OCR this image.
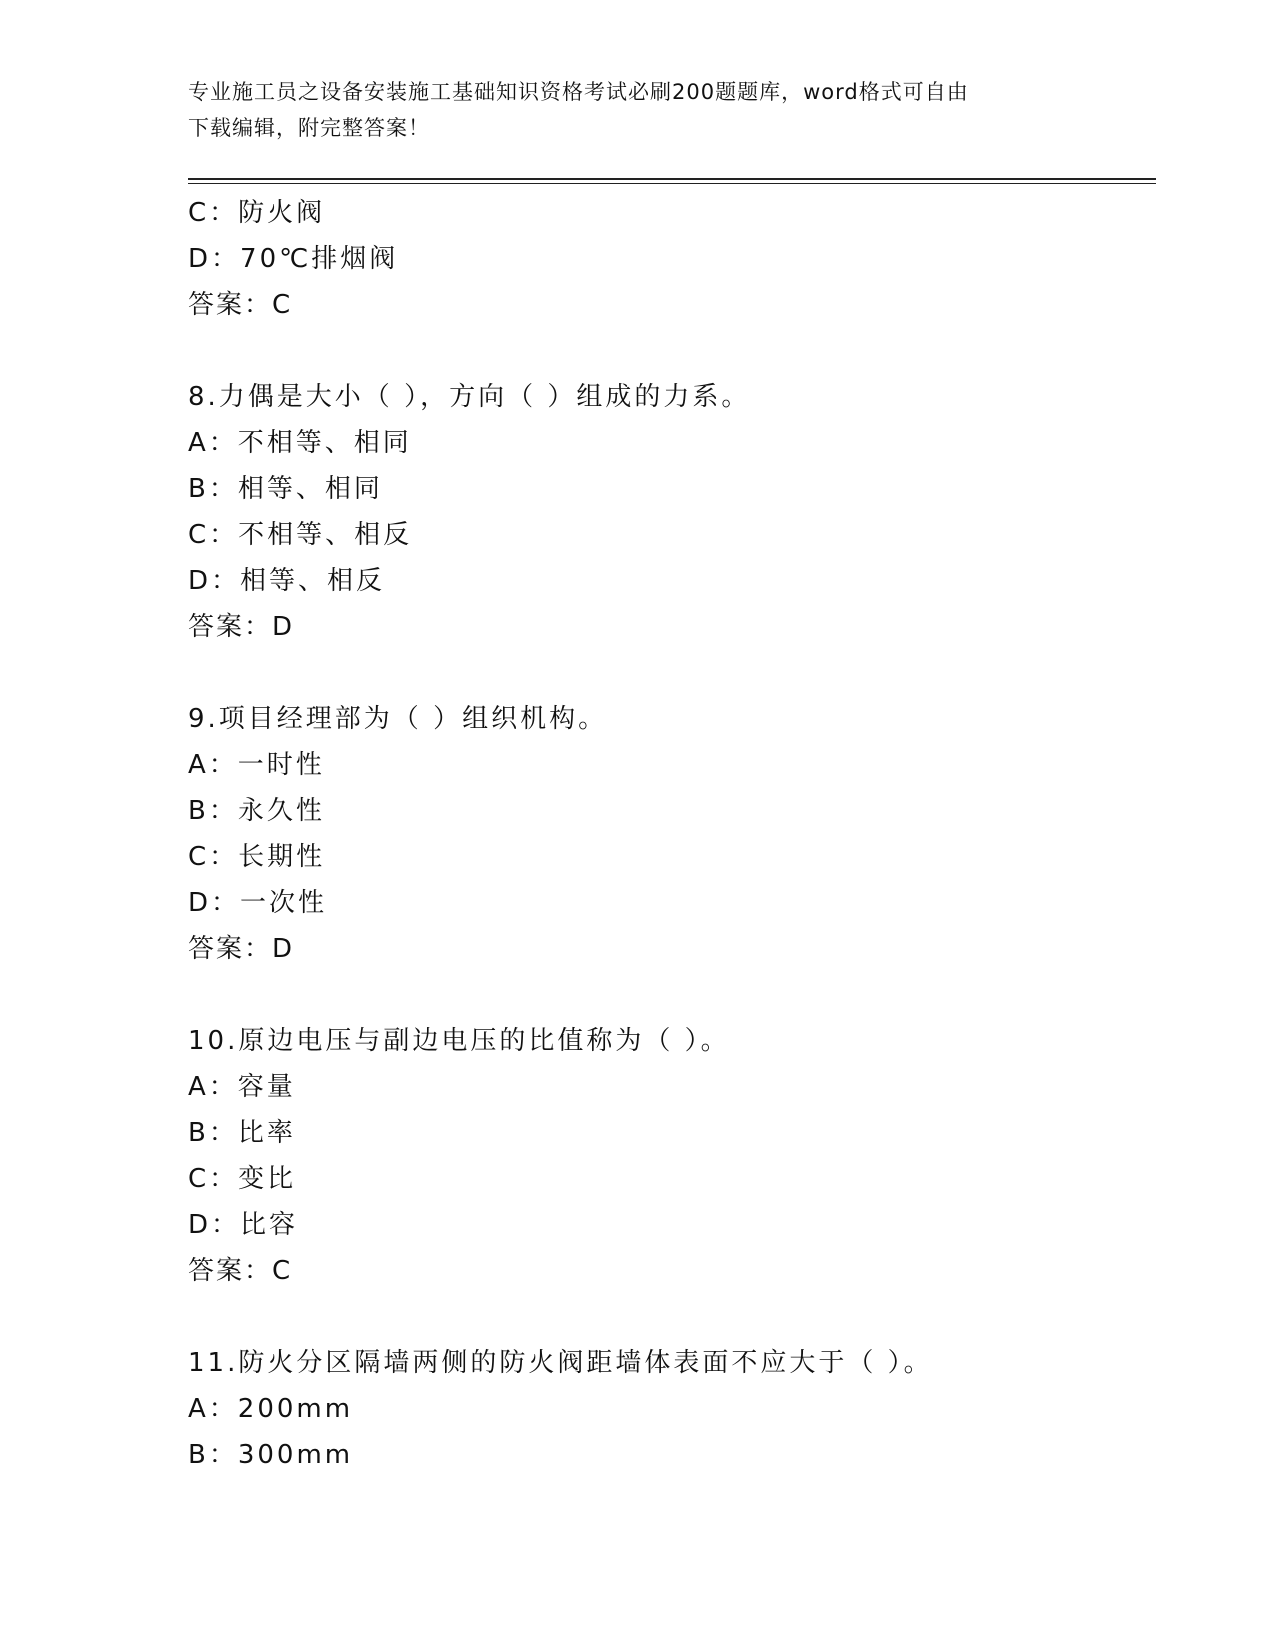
专业施工员之设备安装施工基础知识资格考试必刷200题题库，word格式可自由
下载编辑，附完整答案！
C：防火阀
D：70℃排烟阀
答案：C
8.力偶是大小（ ），方向（ ）组成的力系。
A：不相等、相同
B：相等、相同
C：不相等、相反
D：相等、相反
答案：D
9.项目经理部为（ ）组织机构。
A：一时性
B：永久性
C：长期性
D：一次性
答案：D
10.原边电压与副边电压的比值称为（ ）。
A：容量
B：比率
C：变比
D：比容
答案：C
11.防火分区隔墙两侧的防火阀距墙体表面不应大于（ ）。
A：200mm
B：300mm
